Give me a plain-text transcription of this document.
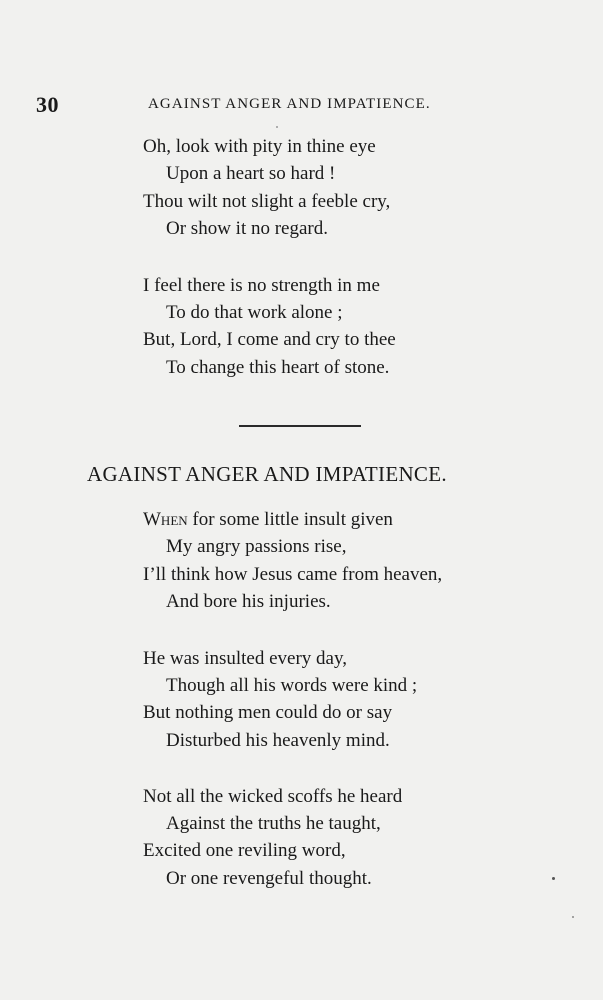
30	AGAINST ANGER AND IMPATIENCE.
Oh, look with pity in thine eye
Upon a heart so hard !
Thou wilt not slight a feeble cry,
Or show it no regard.
I feel there is no strength in me
To do that work alone ;
But, Lord, I come and cry to thee
To change this heart of stone.
AGAINST ANGER AND IMPATIENCE.
When for some little insult given
My angry passions rise,
I’ll think how Jesus came from heaven,
And bore his injuries.
He was insulted every day,
Though all his words were kind ;
But nothing men could do or say
Disturbed his heavenly mind.
Not all the wicked scoffs he heard
Against the truths he taught,
Excited one reviling word,
Or one revengeful thought.
